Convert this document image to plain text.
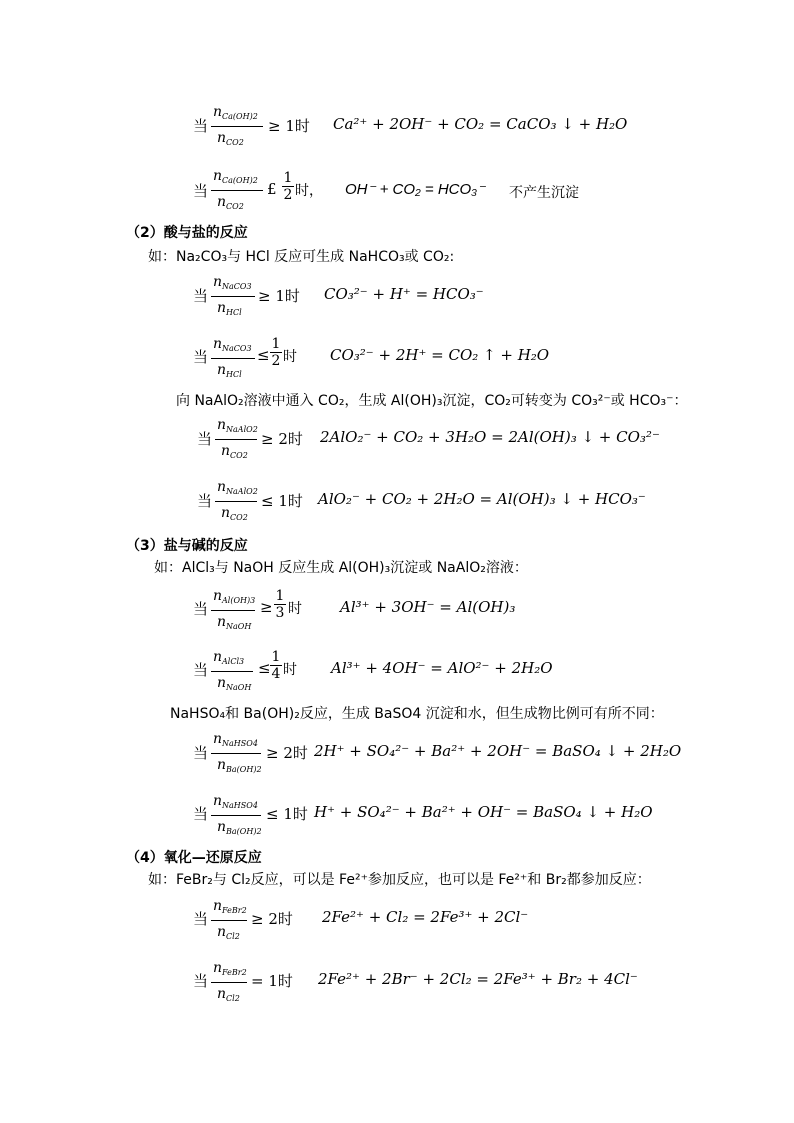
当
$n_{Ca(OH)2}$
$n_{CO2}$
≥ 1时 Ca²⁺ + 2OH⁻ + CO₂ = CaCO₃ ↓ + H₂O
当
$n_{Ca(OH)2}$
$n_{CO2}$
£
1
2 时， OH⁻ + CO₂ = HCO₃⁻ 不产生沉淀
（2）酸与盐的反应
如：Na₂CO₃与 HCl 反应可生成 NaHCO₃或 CO₂:
当
$n_{NaCO3}$
$n_{HCl}$
≥ 1时 CO₃²⁻ + H⁺ = HCO₃⁻
当
$n_{NaCO3}$
$n_{HCl}$
≤
1
2 时 CO₃²⁻ + 2H⁺ = CO₂ ↑ + H₂O
向 NaAlO₂溶液中通入 CO₂，生成 Al(OH)₃沉淀，CO₂可转变为 CO₃²⁻或 HCO₃⁻：
当
$n_{NaAlO2}$
$n_{CO2}$
≥ 2时 2AlO₂⁻ + CO₂ + 3H₂O = 2Al(OH)₃ ↓ + CO₃²⁻
当
$n_{NaAlO2}$
$n_{CO2}$
≤ 1时 AlO₂⁻ + CO₂ + 2H₂O = Al(OH)₃ ↓ + HCO₃⁻
（3）盐与碱的反应
如：AlCl₃与 NaOH 反应生成 Al(OH)₃沉淀或 NaAlO₂溶液：
当
$n_{Al(OH)3}$
$n_{NaOH}$
≥
1
3 时	Al³⁺ + 3OH⁻ = Al(OH)₃
当
$n_{AlCl3}$
$n_{NaOH}$
≤
1
4 时 Al³⁺ + 4OH⁻ = AlO²⁻ + 2H₂O
NaHSO₄和 Ba(OH)₂反应，生成 BaSO4 沉淀和水，但生成物比例可有所不同：
当
$n_{NaHSO4}$
$n_{Ba(OH)2}$
≥ 2时 2H⁺ + SO₄²⁻ + Ba²⁺ + 2OH⁻ = BaSO₄ ↓ + 2H₂O
当
$n_{NaHSO4}$
$n_{Ba(OH)2}$
≤ 1时 H⁺ + SO₄²⁻ + Ba²⁺ + OH⁻ = BaSO₄ ↓ + H₂O
（4）氧化—还原反应
如：FeBr₂与 Cl₂反应，可以是 Fe²⁺参加反应，也可以是 Fe²⁺和 Br₂都参加反应：
当
$n_{FeBr2}$
$n_{Cl2}$
≥ 2时 2Fe²⁺ + Cl₂ = 2Fe³⁺ + 2Cl⁻
当
$n_{FeBr2}$
$n_{Cl2}$
= 1时 2Fe²⁺ + 2Br⁻ + 2Cl₂ = 2Fe³⁺ + Br₂ + 4Cl⁻
